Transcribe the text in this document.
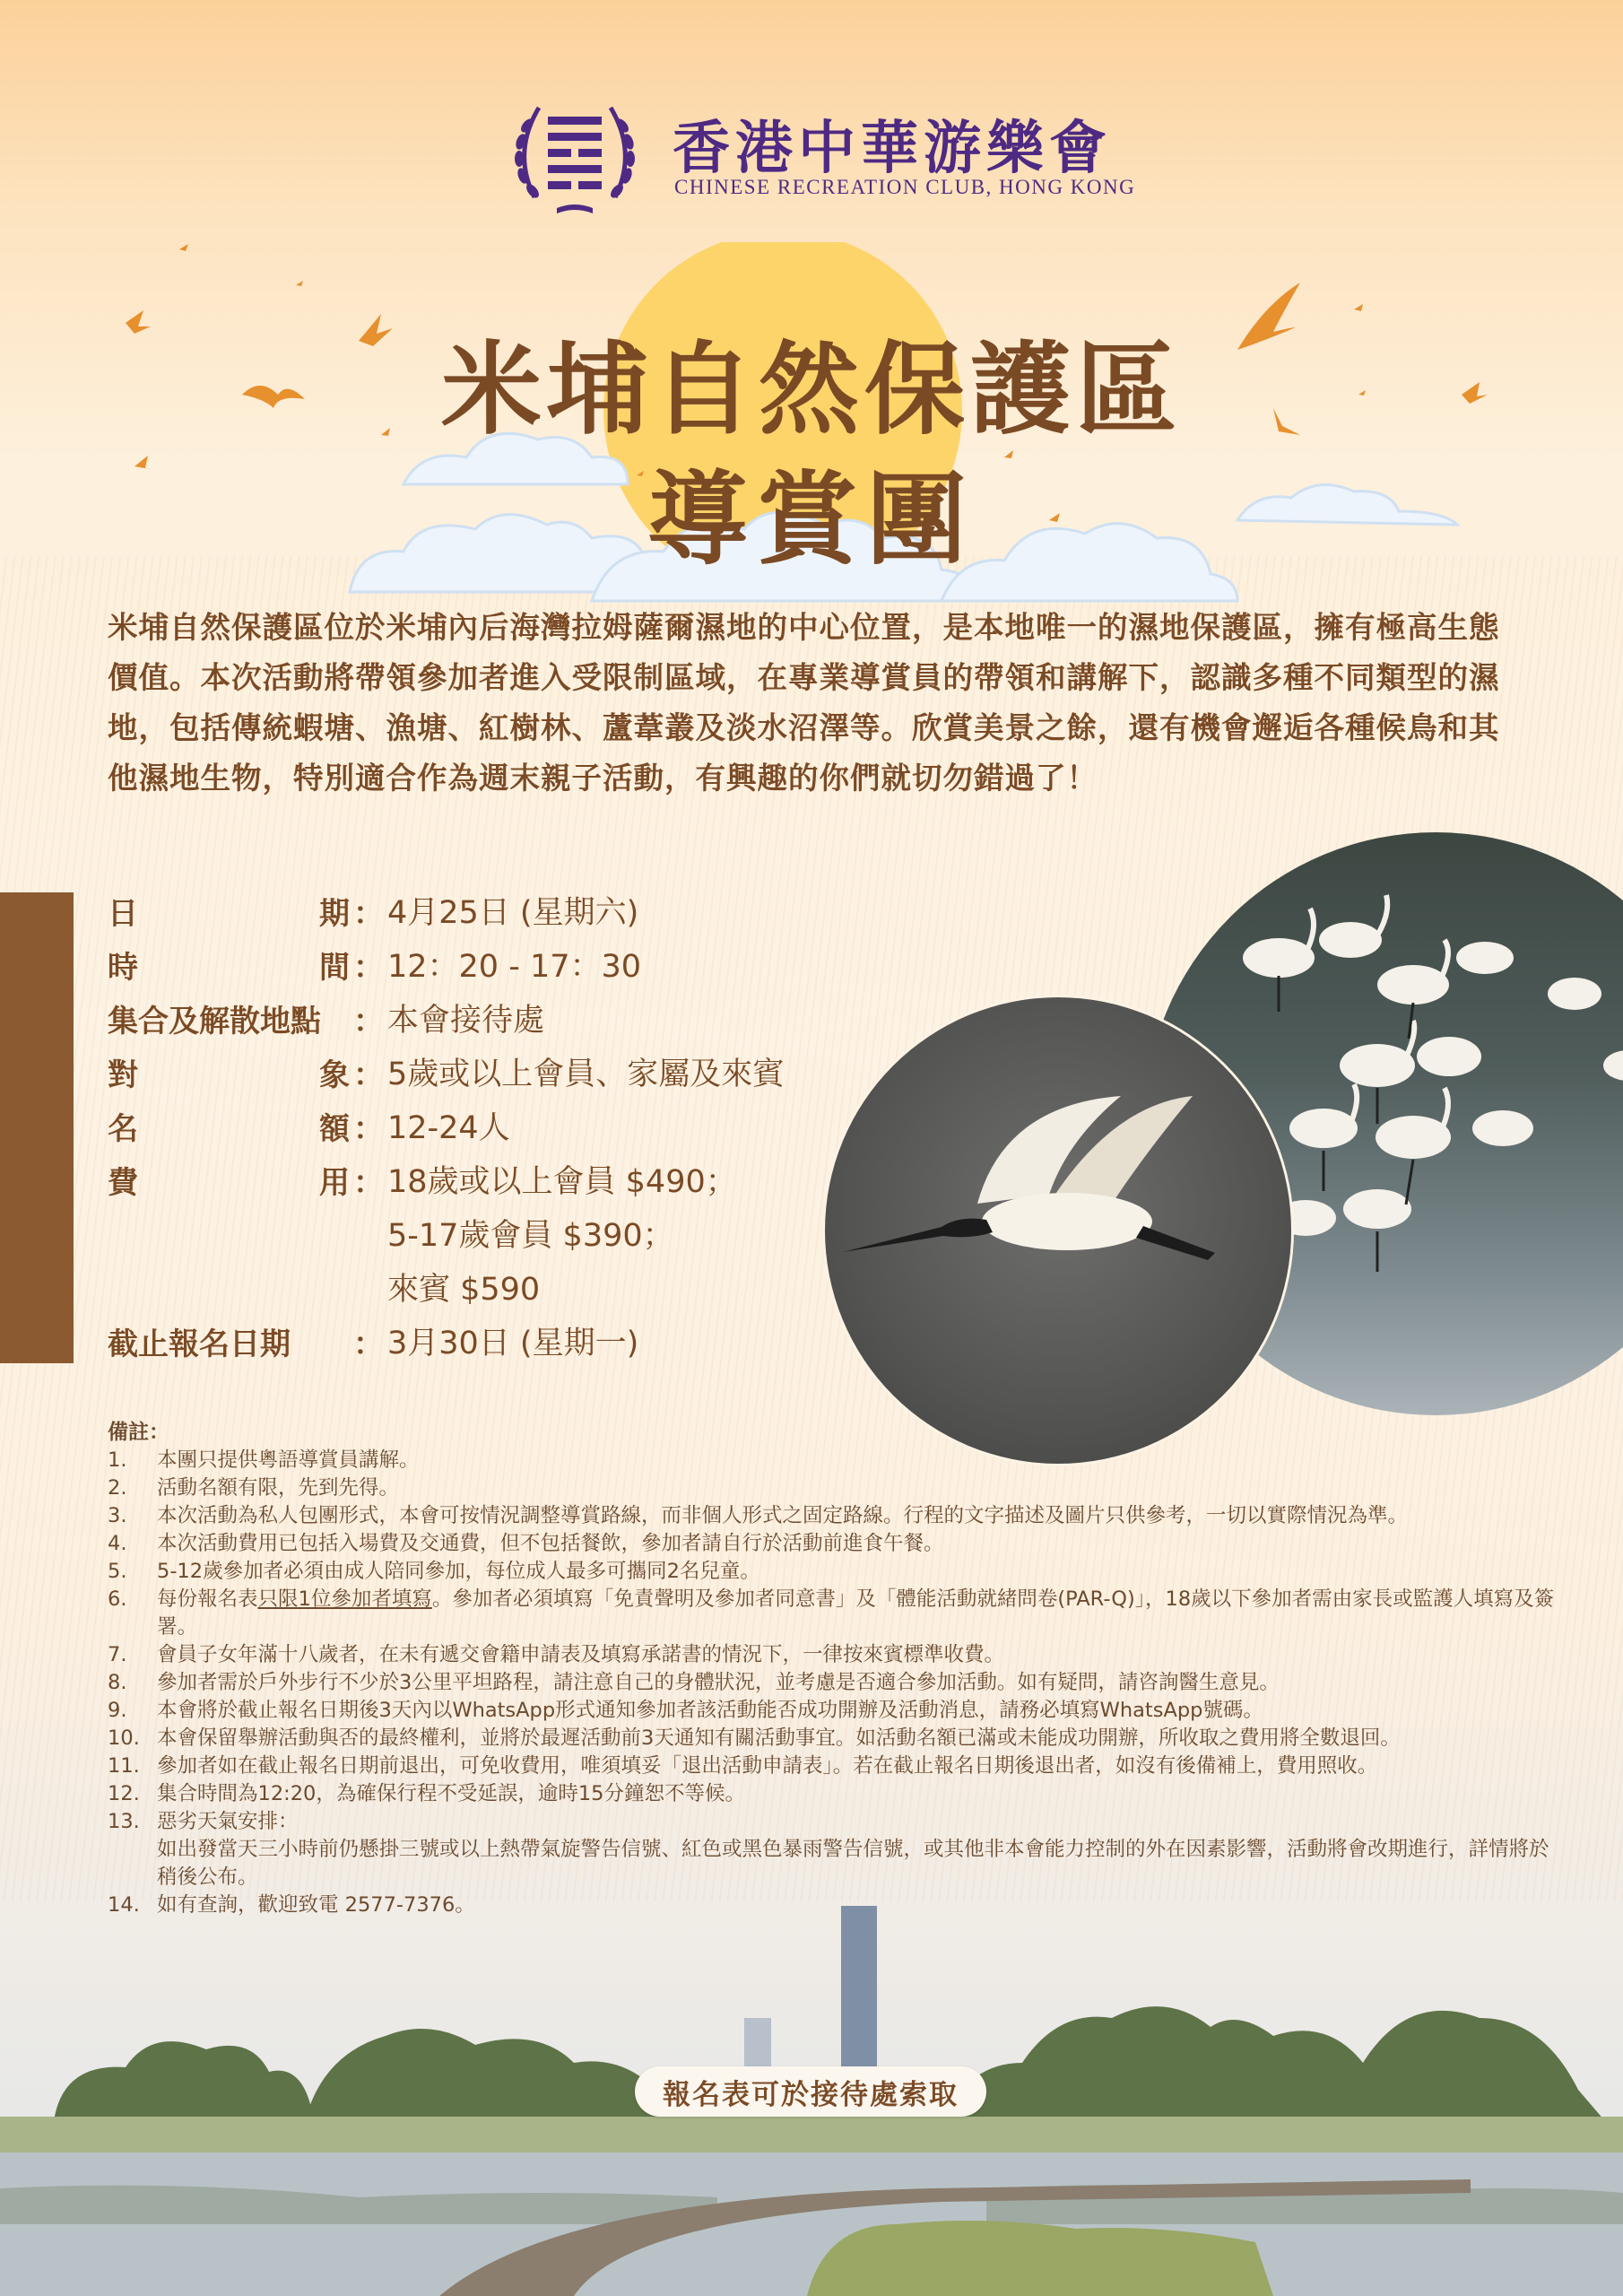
香港中華游樂會
CHINESE RECREATION CLUB, HONG KONG
米埔自然保護區
導賞團
米埔自然保護區位於米埔內后海灣拉姆薩爾濕地的中心位置，是本地唯一的濕地保護區，擁有極高生態價值。本次活動將帶領參加者進入受限制區域，在專業導賞員的帶領和講解下，認識多種不同類型的濕地，包括傳統蝦塘、漁塘、紅樹林、蘆葦叢及淡水沼澤等。欣賞美景之餘，還有機會邂逅各種候鳥和其他濕地生物，特別適合作為週末親子活動，有興趣的你們就切勿錯過了！
日	期 ： 4月25日 (星期六)
時	間 ： 12：20 - 17：30
集合及解散地點	： 本會接待處
對	象 ： 5歲或以上會員、家屬及來賓
名	額 ： 12-24人
費	用 ： 18歲或以上會員 $490；
5-17歲會員 $390；
來賓 $590
截止報名日期	： 3月30日 (星期一)
備註：
1.	本團只提供粵語導賞員講解。
2.	活動名額有限，先到先得。
3.	本次活動為私人包團形式，本會可按情況調整導賞路線，而非個人形式之固定路線。行程的文字描述及圖片只供參考，一切以實際情況為準。
4.	本次活動費用已包括入場費及交通費，但不包括餐飲，參加者請自行於活動前進食午餐。
5.	5-12歲參加者必須由成人陪同參加，每位成人最多可攜同2名兒童。
6.	每份報名表只限1位參加者填寫。參加者必須填寫「免責聲明及參加者同意書」及「體能活動就緒問卷(PAR-Q)」，18歲以下參加者需由家長或監護人填寫及簽署。
7.	會員子女年滿十八歲者，在未有遞交會籍申請表及填寫承諾書的情況下，一律按來賓標準收費。
8.	參加者需於戶外步行不少於3公里平坦路程，請注意自己的身體狀況，並考慮是否適合參加活動。如有疑問，請咨詢醫生意見。
9.	本會將於截止報名日期後3天內以WhatsApp形式通知參加者該活動能否成功開辦及活動消息，請務必填寫WhatsApp號碼。
10. 本會保留舉辦活動與否的最終權利，並將於最遲活動前3天通知有關活動事宜。如活動名額已滿或未能成功開辦，所收取之費用將全數退回。
11. 參加者如在截止報名日期前退出，可免收費用，唯須填妥「退出活動申請表」。若在截止報名日期後退出者，如沒有後備補上，費用照收。
12. 集合時間為12:20，為確保行程不受延誤，逾時15分鐘恕不等候。
13. 惡劣天氣安排：
如出發當天三小時前仍懸掛三號或以上熱帶氣旋警告信號、紅色或黑色暴雨警告信號，或其他非本會能力控制的外在因素影響，活動將會改期進行，詳情將於稍後公布。
14. 如有查詢，歡迎致電 2577-7376。
報名表可於接待處索取
